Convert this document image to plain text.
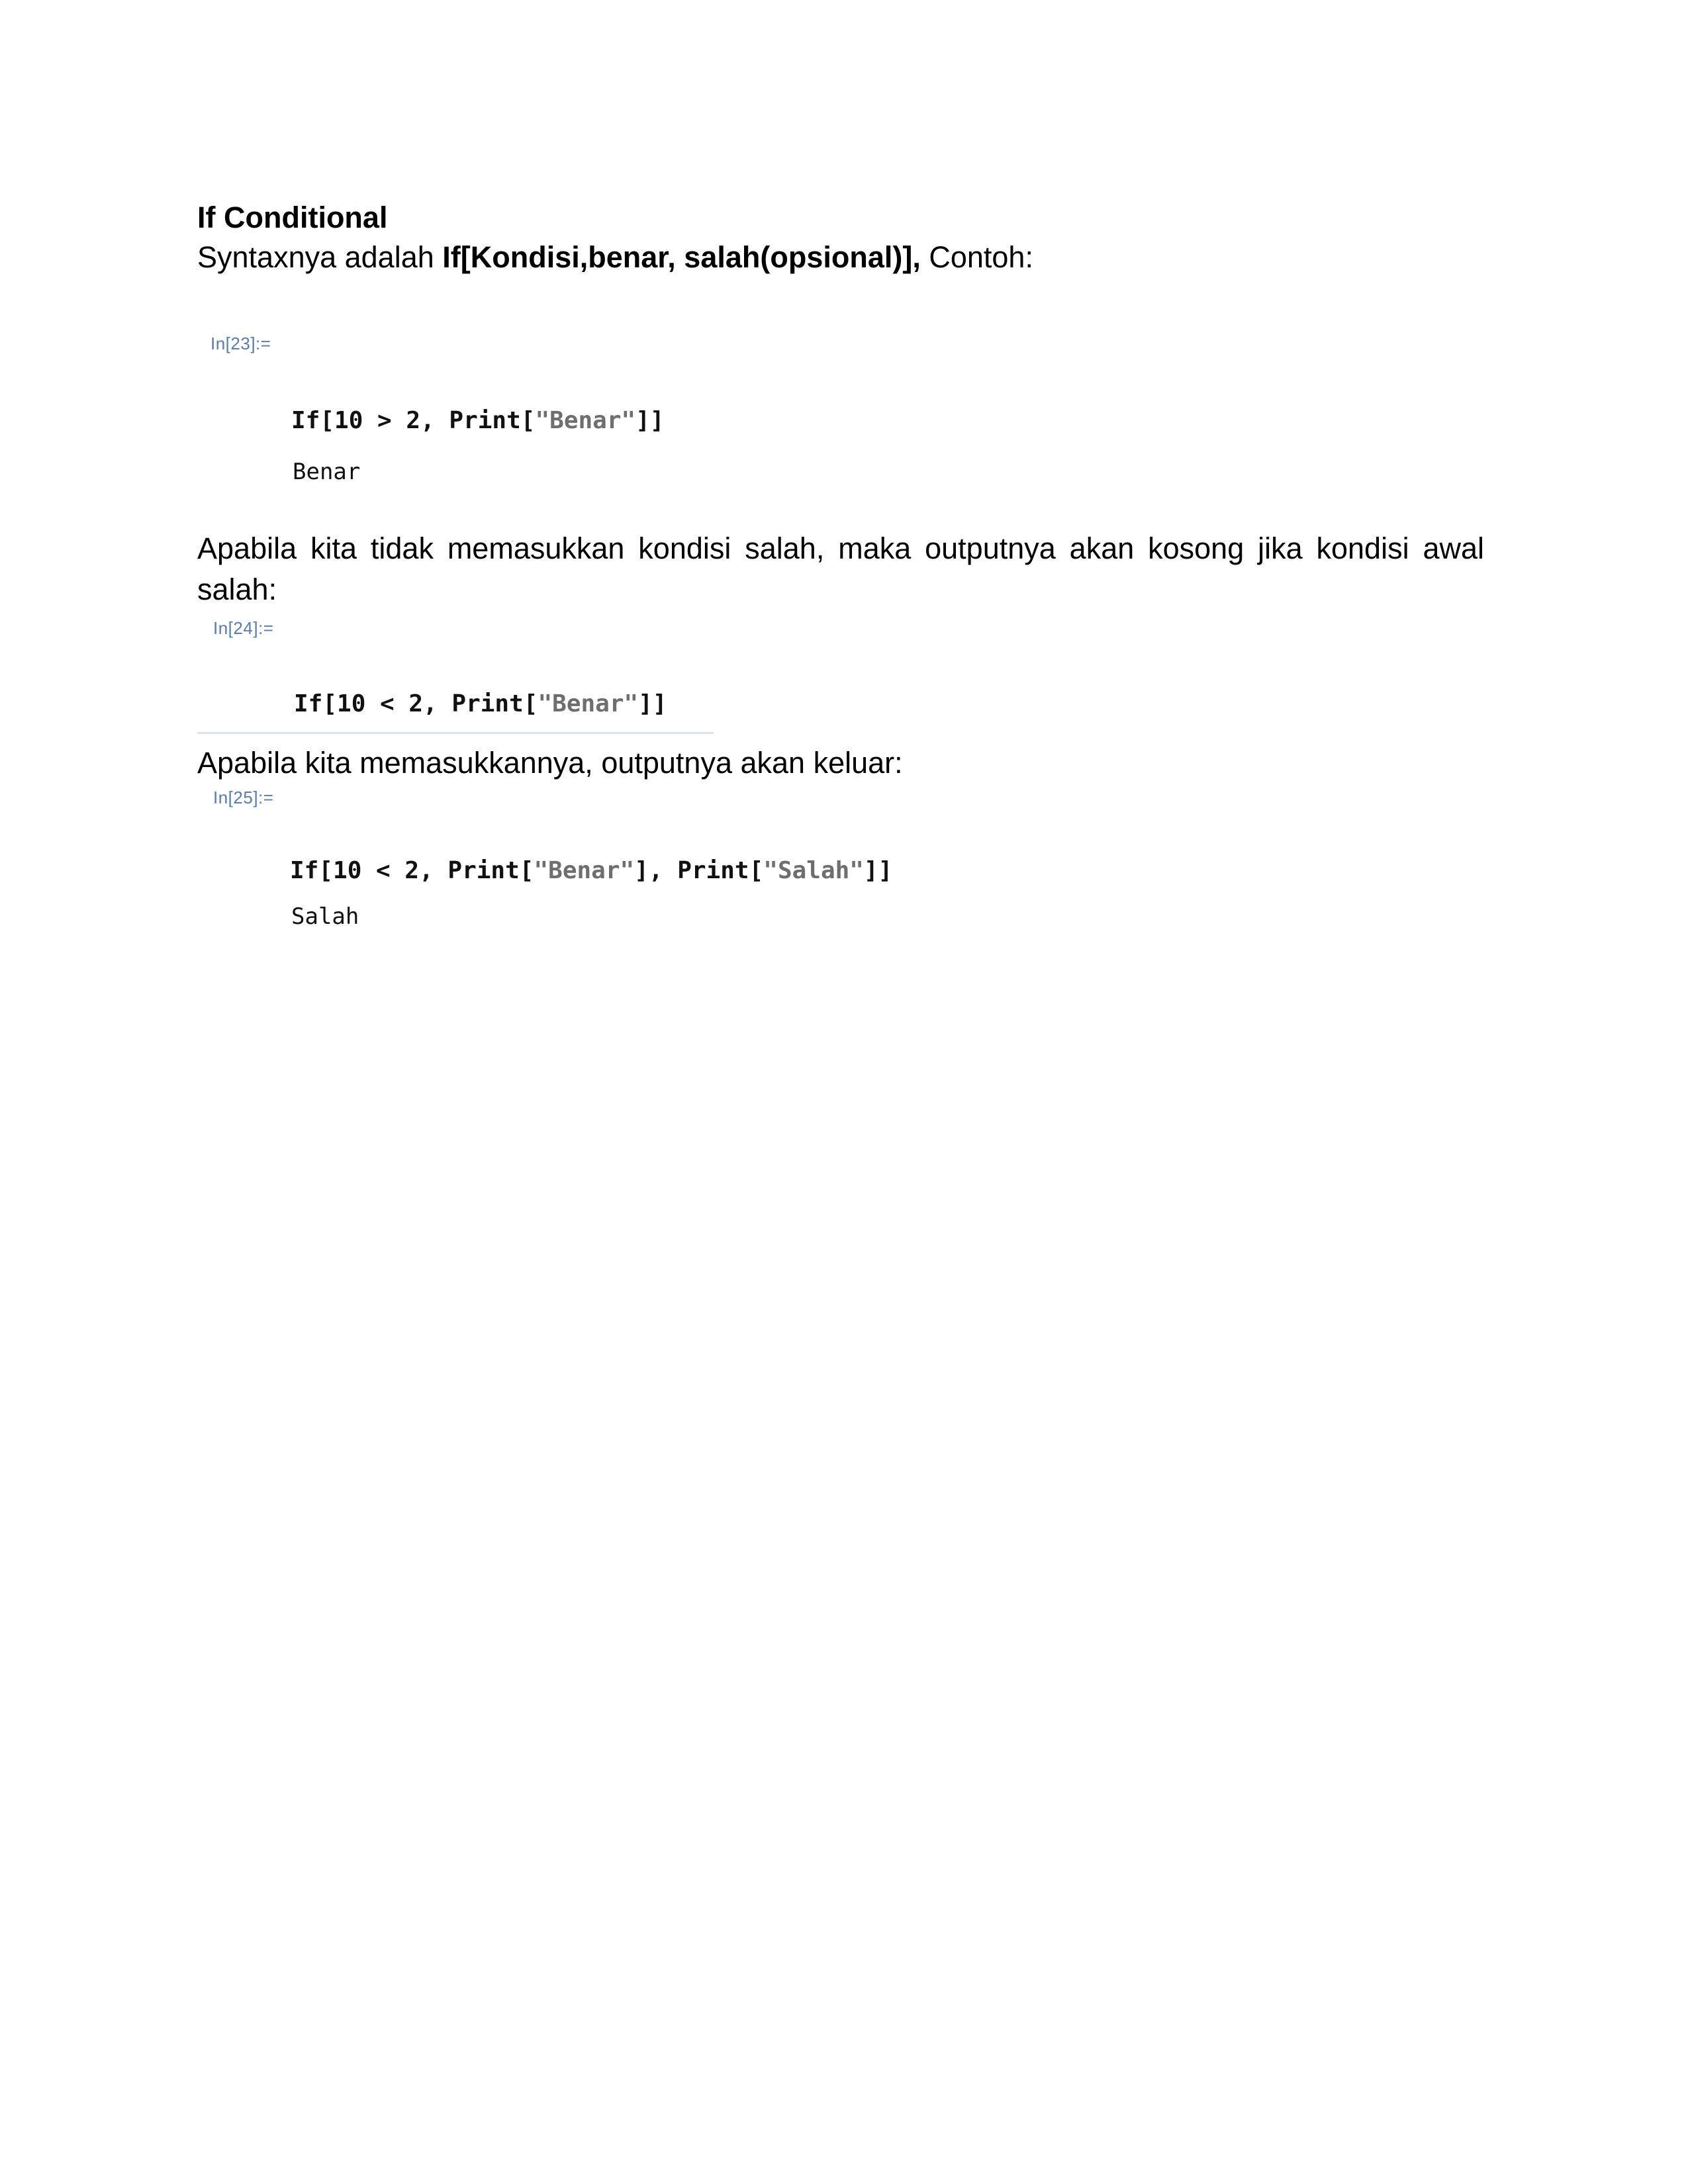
If Conditional
Syntaxnya adalah If[Kondisi,benar, salah(opsional)], Contoh:
In[23]:=
If[10 > 2, Print["Benar"]]
Benar
Apabila kita tidak memasukkan kondisi salah, maka outputnya akan kosong jika kondisi awal salah:
In[24]:=
If[10 < 2, Print["Benar"]]
Apabila kita memasukkannya, outputnya akan keluar:
In[25]:=
If[10 < 2, Print["Benar"], Print["Salah"]]
Salah
